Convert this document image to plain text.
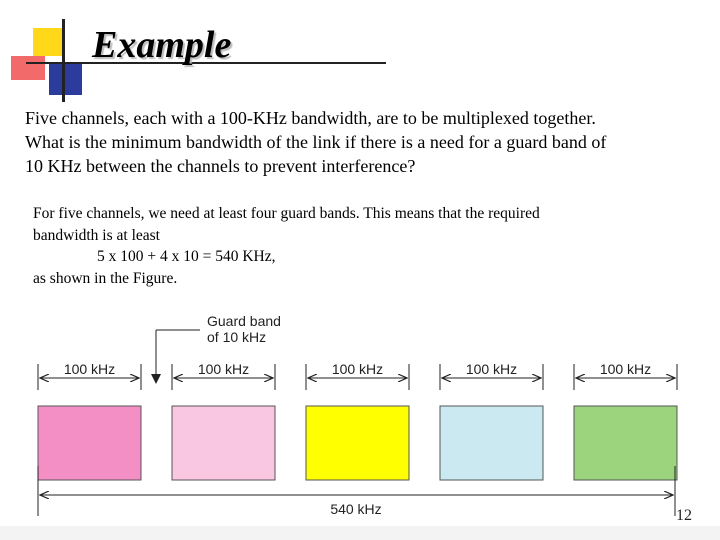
Example
Five channels, each with a 100-KHz bandwidth, are to be multiplexed together.
What is the minimum bandwidth of the link if there is a need for a guard band of
10 KHz between the channels to prevent interference?
For five channels, we need at least four guard bands. This means that the required
bandwidth is at least
5 x 100 + 4 x 10 = 540 KHz,
as shown in the Figure.
Guard band
of 10 kHz
100 kHz	100 kHz	100 kHz	100 kHz	100 kHz
540 kHz	12
